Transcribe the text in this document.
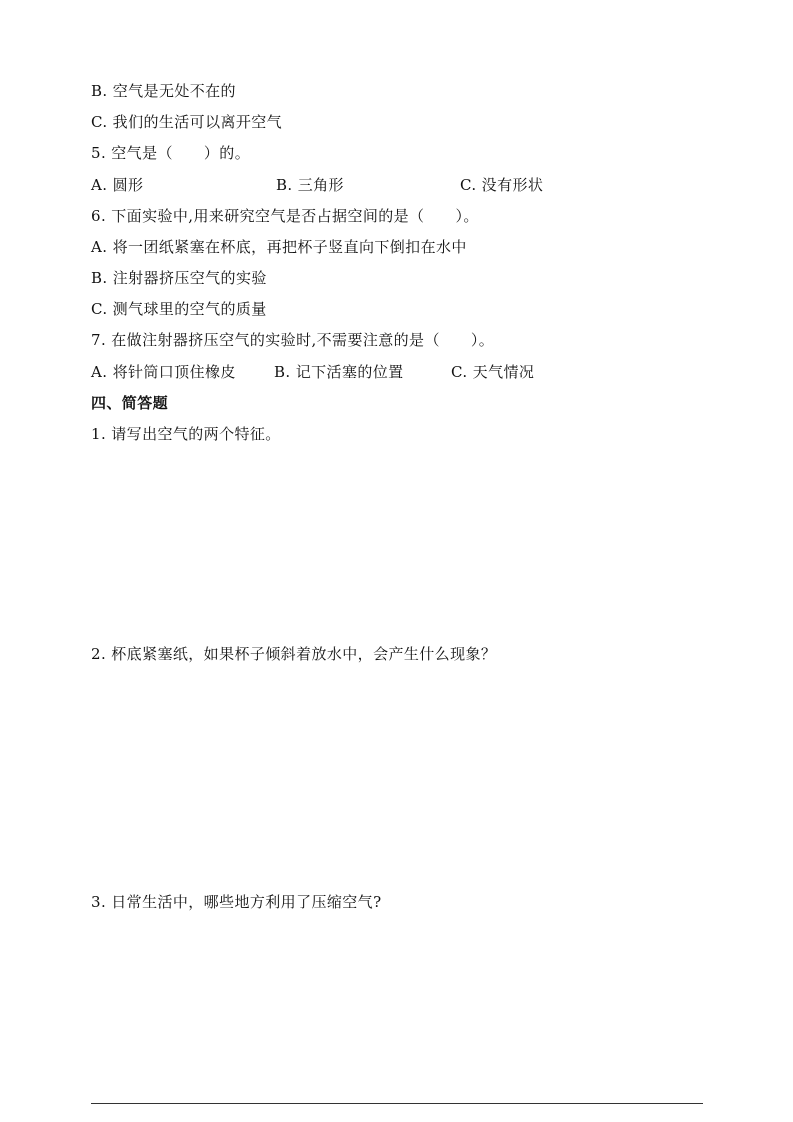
B. 空气是无处不在的
C. 我们的生活可以离开空气
5. 空气是（      ）的。
A. 圆形	B. 三角形	C. 没有形状
6. 下面实验中,用来研究空气是否占据空间的是（      ）。
A. 将一团纸紧塞在杯底，再把杯子竖直向下倒扣在水中
B. 注射器挤压空气的实验
C. 测气球里的空气的质量
7. 在做注射器挤压空气的实验时,不需要注意的是（      ）。
A. 将针筒口顶住橡皮	B. 记下活塞的位置	C. 天气情况
四、简答题
1. 请写出空气的两个特征。
2. 杯底紧塞纸，如果杯子倾斜着放水中，会产生什么现象？
3. 日常生活中，哪些地方利用了压缩空气?
